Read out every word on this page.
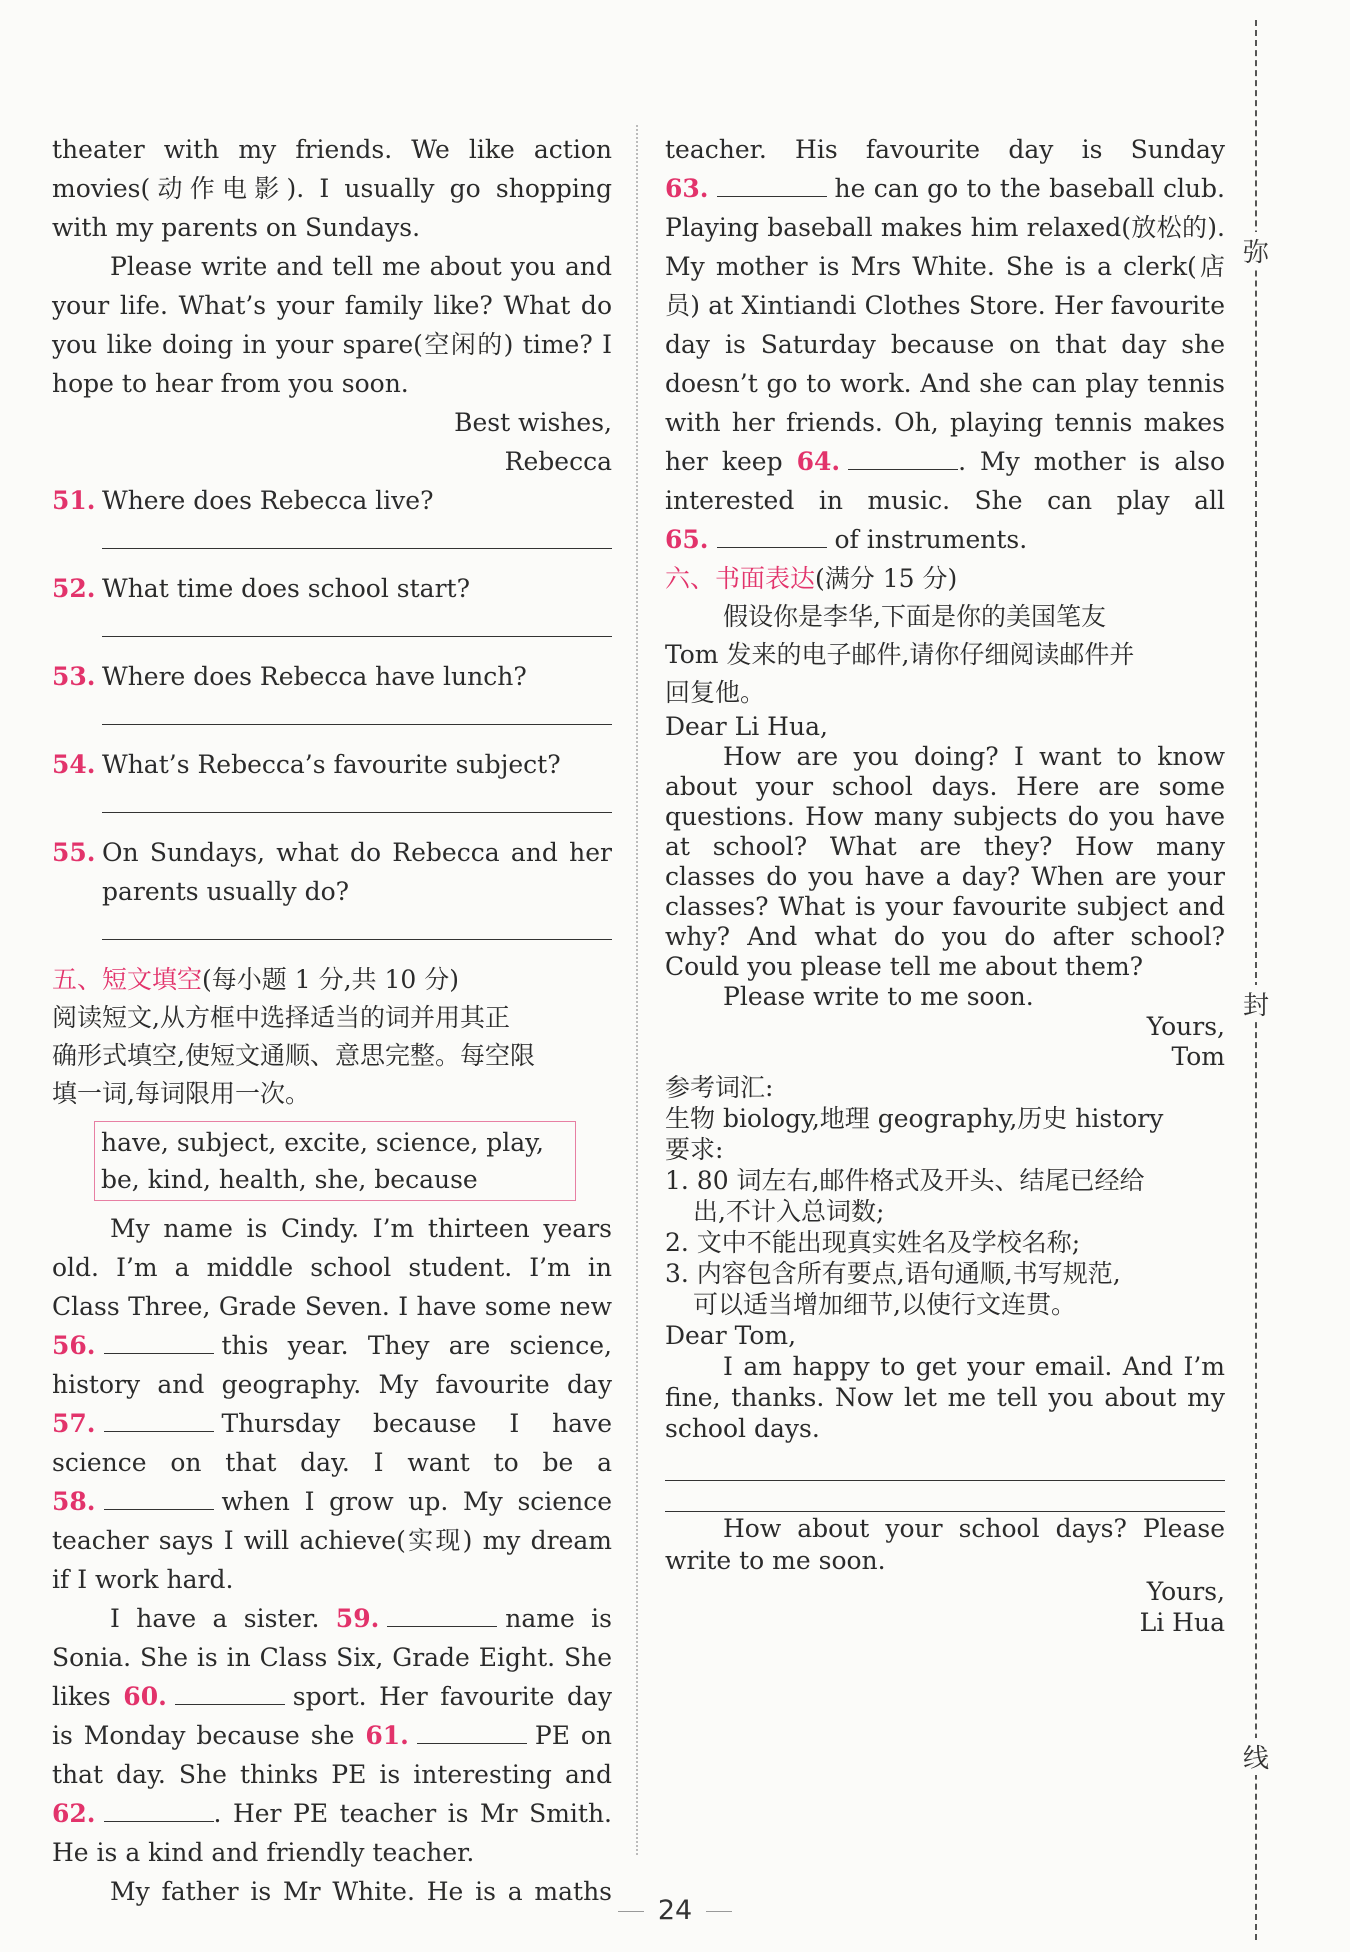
弥
封
线

theater with my friends. We like action

movies(动作电影). I usually go shopping

with my parents on Sundays.

Please write and tell me about you and

your life. What’s your family like? What do

you like doing in your spare(空闲的) time? I

hope to hear from you soon.

Best wishes,

Rebecca

51. Where does Rebecca live?
52. What time does school start?
53. Where does Rebecca have lunch?
54. What’s Rebecca’s favourite subject?
55. On Sundays, what do Rebecca and her

parents usually do?

五、短文填空(每小题 1 分,共 10 分)

阅读短文,从方框中选择适当的词并用其正

确形式填空,使短文通顺、意思完整。每空限

填一词,每词限用一次。

have, subject, excite, science, play,
be, kind, health, she, because

My name is Cindy. I’m thirteen years

old. I’m a middle school student. I’m in

Class Three, Grade Seven. I have some new

56.	this year. They are science,

history and geography. My favourite day

57.	Thursday because I have

science on that day. I want to be a

58.	when I grow up. My science

teacher says I will achieve(实现) my dream

if I work hard.

I have a sister. 59.	name is

Sonia. She is in Class Six, Grade Eight. She

likes 60.	sport. Her favourite day

is Monday because she 61.	PE on

that day. She thinks PE is interesting and

62.	. Her PE teacher is Mr Smith.

He is a kind and friendly teacher.

My father is Mr White. He is a maths

teacher. His favourite day is Sunday

63.	he can go to the baseball club.

Playing baseball makes him relaxed(放松的).

My mother is Mrs White. She is a clerk(店

员) at Xintiandi Clothes Store. Her favourite

day is Saturday because on that day she

doesn’t go to work. And she can play tennis

with her friends. Oh, playing tennis makes

her keep 64.	. My mother is also

interested in music. She can play all

65.	of instruments.

六、书面表达(满分 15 分)

假设你是李华,下面是你的美国笔友

Tom 发来的电子邮件,请你仔细阅读邮件并

回复他。

Dear Li Hua,

How are you doing? I want to know

about your school days. Here are some

questions. How many subjects do you have

at school? What are they? How many

classes do you have a day? When are your

classes? What is your favourite subject and

why? And what do you do after school?

Could you please tell me about them?

Please write to me soon.

Yours,

Tom

参考词汇:

生物 biology,地理 geography,历史 history

要求:

1. 80 词左右,邮件格式及开头、结尾已经给

出,不计入总词数;

2. 文中不能出现真实姓名及学校名称;

3. 内容包含所有要点,语句通顺,书写规范,

可以适当增加细节,以使行文连贯。

Dear Tom,

I am happy to get your email. And I’m

fine, thanks. Now let me tell you about my

school days.

How about your school days? Please

write to me soon.

Yours,

Li Hua

24
